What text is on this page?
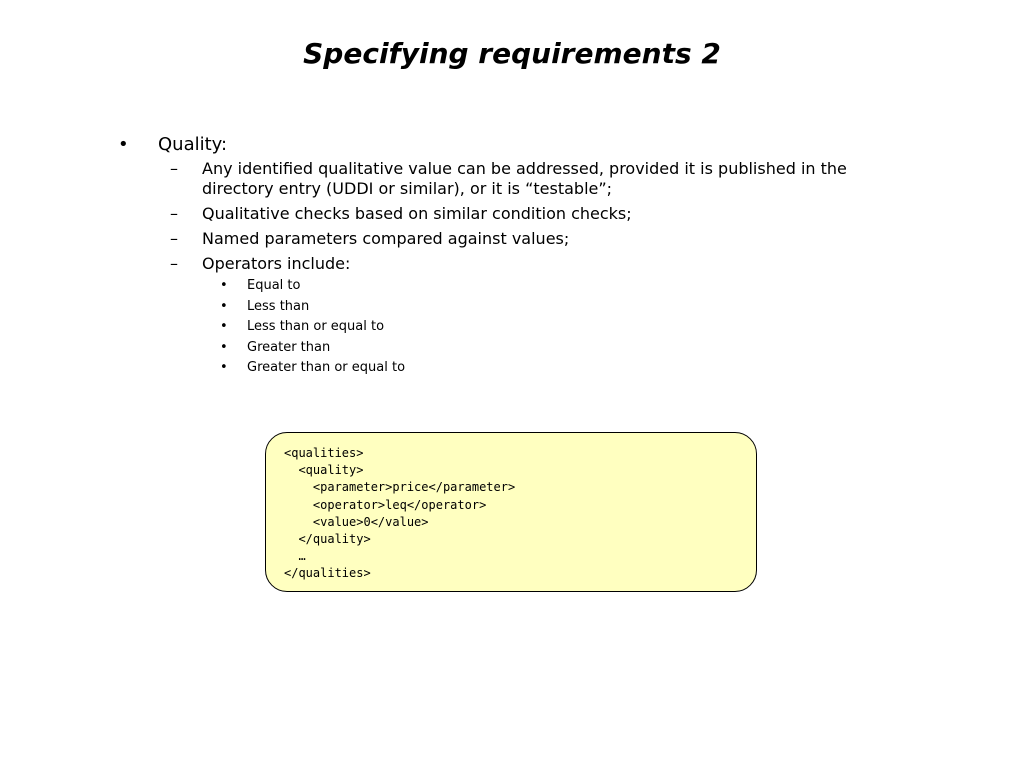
Specifying requirements 2
• Quality:
– Any identified qualitative value can be addressed, provided it is published in the directory entry (UDDI or similar), or it is “testable”;
– Qualitative checks based on similar condition checks;
– Named parameters compared against values;
– Operators include:
• Equal to
• Less than
• Less than or equal to
• Greater than
• Greater than or equal to
<qualities>
<quality>
<parameter>price</parameter>
<operator>leq</operator>
<value>0</value>
</quality>
…
</qualities>
